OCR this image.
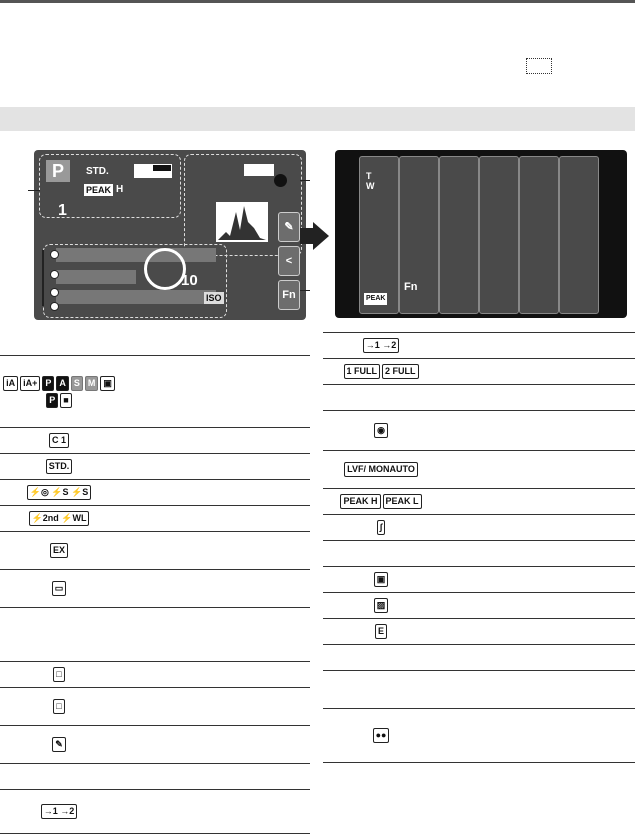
P	STD.
PEAK H
1
10
ISO
✎
<
Fn
T
W
PEAK
Fn
iA iA+ P A S M ▣P ■	
C 1	
STD.	
⚡◎ ⚡S ⚡S	
⚡2nd ⚡WL	
EX	
▭	

□	
□	
✎	

→1 →2	
→1 →2	
1 FULL 2 FULL	

◉	
LVF/ MONAUTO	
PEAK H PEAK L	
∫	

▣	
▨	
E	

●●	
